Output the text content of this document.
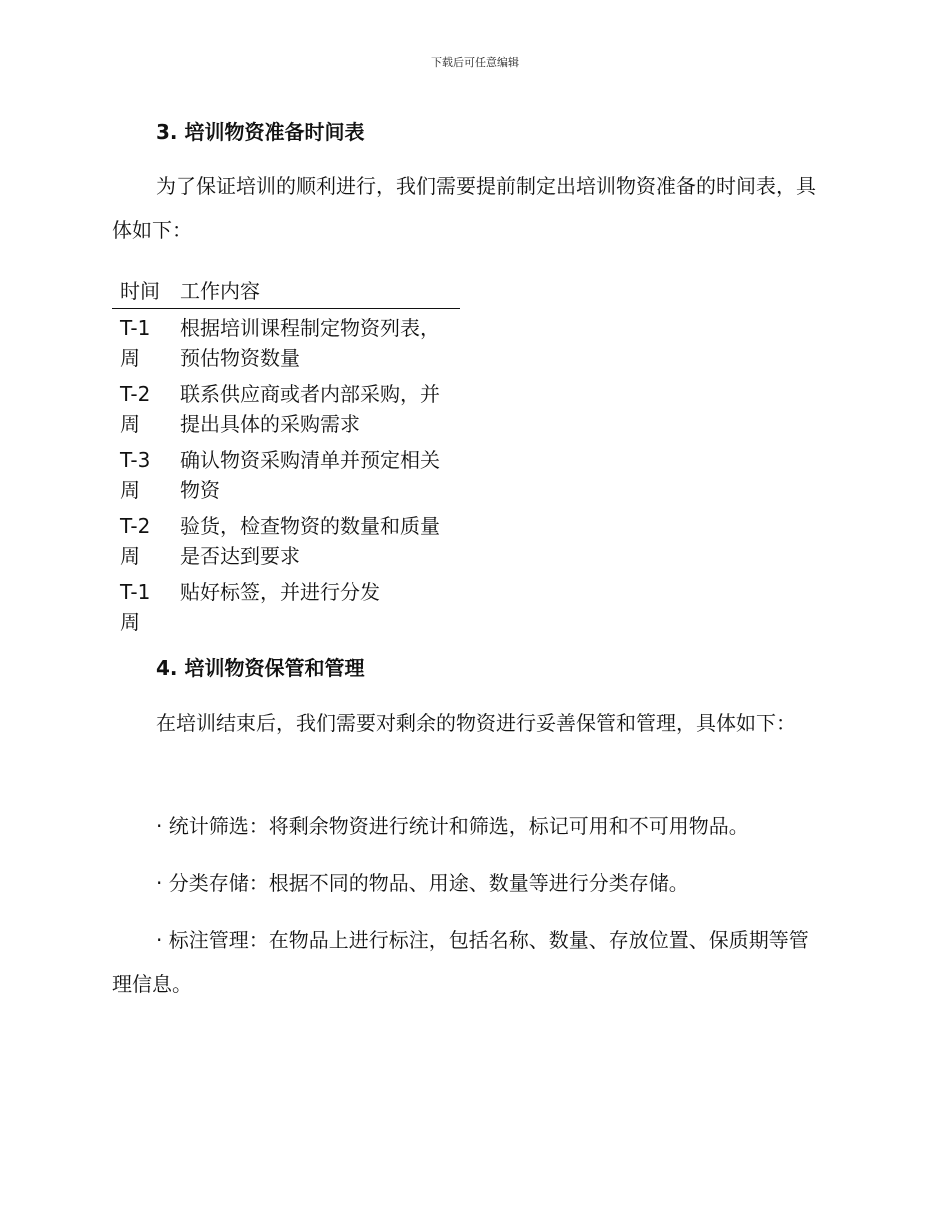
下载后可任意编辑
3. 培训物资准备时间表

为了保证培训的顺利进行，我们需要提前制定出培训物资准备的时间表，具体如下：

时间	工作内容
T-1 周	根据培训课程制定物资列表，预估物资数量
T-2 周	联系供应商或者内部采购，并提出具体的采购需求
T-3 周	确认物资采购清单并预定相关物资
T-2 周	验货，检查物资的数量和质量是否达到要求
T-1 周	贴好标签，并进行分发
4. 培训物资保管和管理

在培训结束后，我们需要对剩余的物资进行妥善保管和管理，具体如下：

· 统计筛选：将剩余物资进行统计和筛选，标记可用和不可用物品。

· 分类存储：根据不同的物品、用途、数量等进行分类存储。

· 标注管理：在物品上进行标注，包括名称、数量、存放位置、保质期等管理信息。
